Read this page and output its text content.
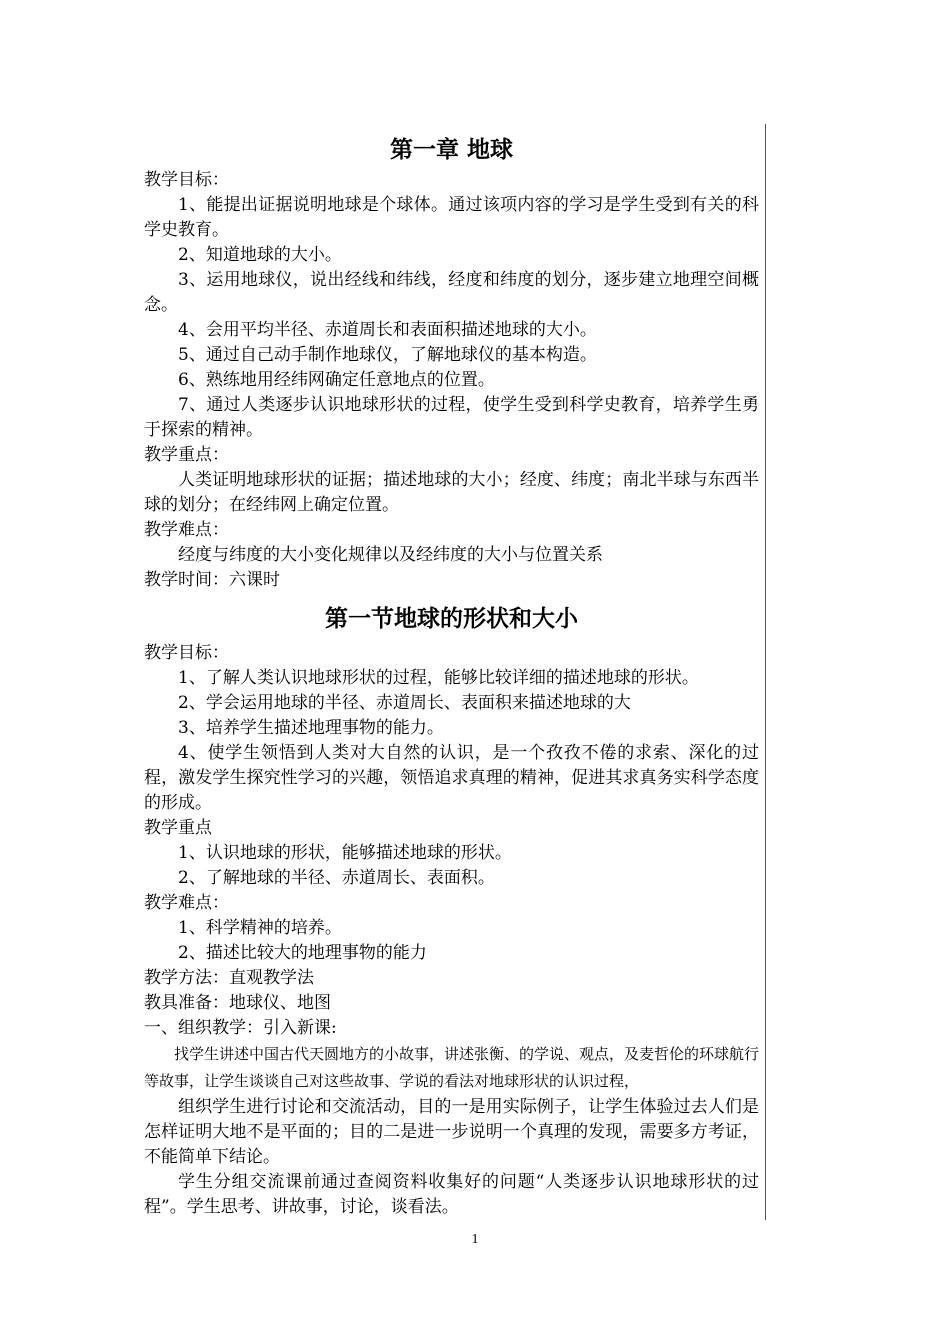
第一章 地球

教学目标：

1、能提出证据说明地球是个球体。通过该项内容的学习是学生受到有关的科学史教育。

2、知道地球的大小。

3、运用地球仪，说出经线和纬线，经度和纬度的划分，逐步建立地理空间概念。

4、会用平均半径、赤道周长和表面积描述地球的大小。

5、通过自己动手制作地球仪，了解地球仪的基本构造。

6、熟练地用经纬网确定任意地点的位置。

7、通过人类逐步认识地球形状的过程，使学生受到科学史教育，培养学生勇于探索的精神。

教学重点：

人类证明地球形状的证据；描述地球的大小；经度、纬度；南北半球与东西半球的划分；在经纬网上确定位置。

教学难点：

经度与纬度的大小变化规律以及经纬度的大小与位置关系

教学时间：六课时

第一节地球的形状和大小

教学目标：

1、了解人类认识地球形状的过程，能够比较详细的描述地球的形状。

2、学会运用地球的半径、赤道周长、表面积来描述地球的大

3、培养学生描述地理事物的能力。

4、使学生领悟到人类对大自然的认识，是一个孜孜不倦的求索、深化的过程，激发学生探究性学习的兴趣，领悟追求真理的精神，促进其求真务实科学态度的形成。

教学重点

1、认识地球的形状，能够描述地球的形状。

2、了解地球的半径、赤道周长、表面积。

教学难点：

1、科学精神的培养。

2、描述比较大的地理事物的能力

教学方法：直观教学法

教具准备：地球仪、地图

一、组织教学：引入新课:

找学生讲述中国古代天圆地方的小故事，讲述张衡、的学说、观点，及麦哲伦的环球航行等故事，让学生谈谈自己对这些故事、学说的看法对地球形状的认识过程，

组织学生进行讨论和交流活动，目的一是用实际例子，让学生体验过去人们是怎样证明大地不是平面的；目的二是进一步说明一个真理的发现，需要多方考证，不能简单下结论。

学生分组交流课前通过查阅资料收集好的问题“人类逐步认识地球形状的过程”。学生思考、讲故事，讨论，谈看法。

1
